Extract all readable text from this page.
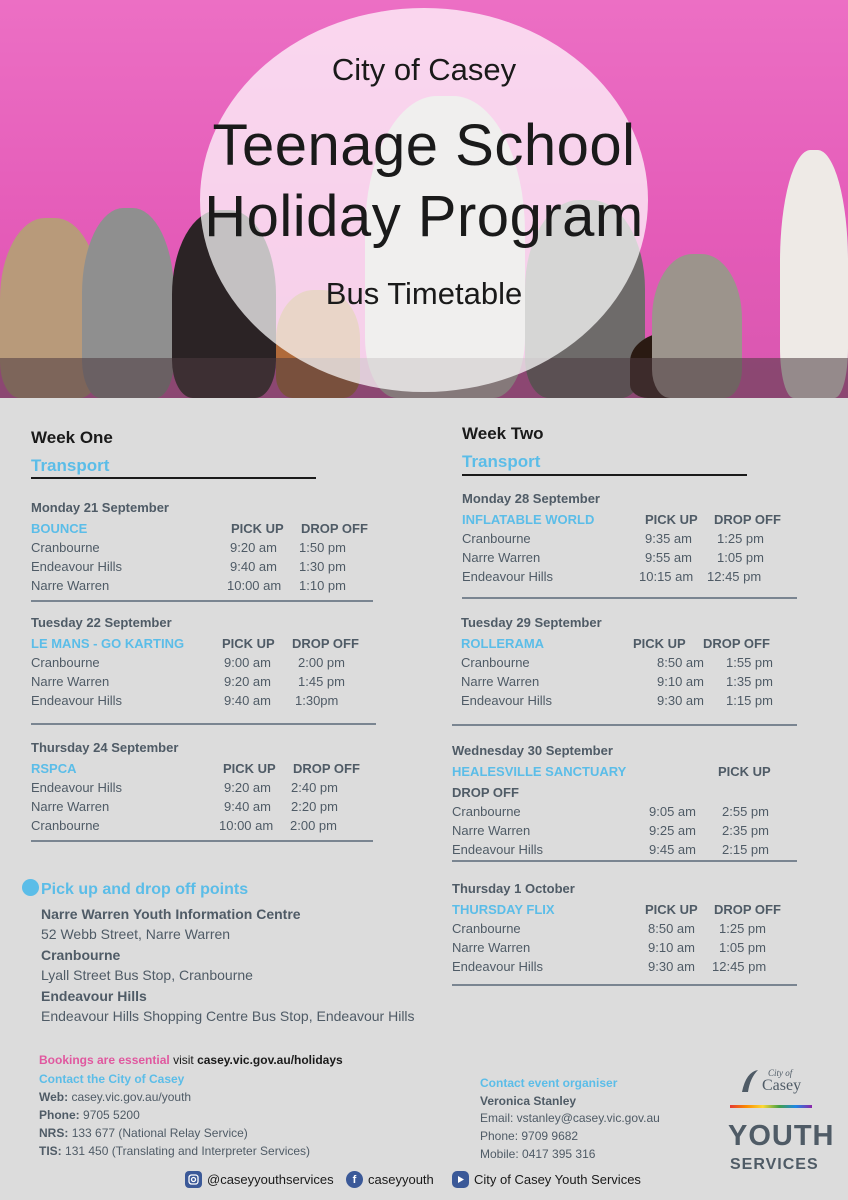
City of Casey
Teenage School
Holiday Program
Bus Timetable
Week One
Transport
Monday 21 September
BOUNCE	PICK UP DROP OFF
Cranbourne	9:20 am 1:50 pm
Endeavour Hills	9:40 am 1:30 pm
Narre Warren	10:00 am 1:10 pm
Tuesday 22 September
LE MANS - GO KARTING	PICK UP DROP OFF
Cranbourne	9:00 am 2:00 pm
Narre Warren	9:20 am 1:45 pm
Endeavour Hills	9:40 am 1:30pm
Thursday 24 September
RSPCA	PICK UP DROP OFF
Endeavour Hills	9:20 am 2:40 pm
Narre Warren	9:40 am 2:20 pm
Cranbourne	10:00 am 2:00 pm
Week Two
Transport
Monday 28 September
INFLATABLE WORLD	PICK UP DROP OFF
Cranbourne	9:35 am 1:25 pm
Narre Warren	9:55 am 1:05 pm
Endeavour Hills	10:15 am 12:45 pm
Tuesday 29 September
ROLLERAMA	PICK UP DROP OFF
Cranbourne	8:50 am 1:55 pm
Narre Warren	9:10 am 1:35 pm
Endeavour Hills	9:30 am 1:15 pm
Wednesday 30 September
HEALESVILLE SANCTUARY	PICK UP
DROP OFF
Cranbourne	9:05 am 2:55 pm
Narre Warren	9:25 am 2:35 pm
Endeavour Hills	9:45 am 2:15 pm
Thursday 1 October
THURSDAY FLIX	PICK UP DROP OFF
Cranbourne	8:50 am 1:25 pm
Narre Warren	9:10 am 1:05 pm
Endeavour Hills	9:30 am 12:45 pm
Pick up and drop off points
Narre Warren Youth Information Centre
52 Webb Street, Narre Warren
Cranbourne
Lyall Street Bus Stop, Cranbourne
Endeavour Hills
Endeavour Hills Shopping Centre Bus Stop, Endeavour Hills
Bookings are essential visit casey.vic.gov.au/holidays
Contact the City of Casey
Web: casey.vic.gov.au/youth
Phone: 9705 5200
NRS: 133 677 (National Relay Service)
TIS: 131 450 (Translating and Interpreter Services)
Contact event organiser
Veronica Stanley
Email: vstanley@casey.vic.gov.au
Phone: 9709 9682
Mobile: 0417 395 316
City of
Casey
YOUTH
SERVICES
@caseyyouthservices	f caseyyouth	City of Casey Youth Services
